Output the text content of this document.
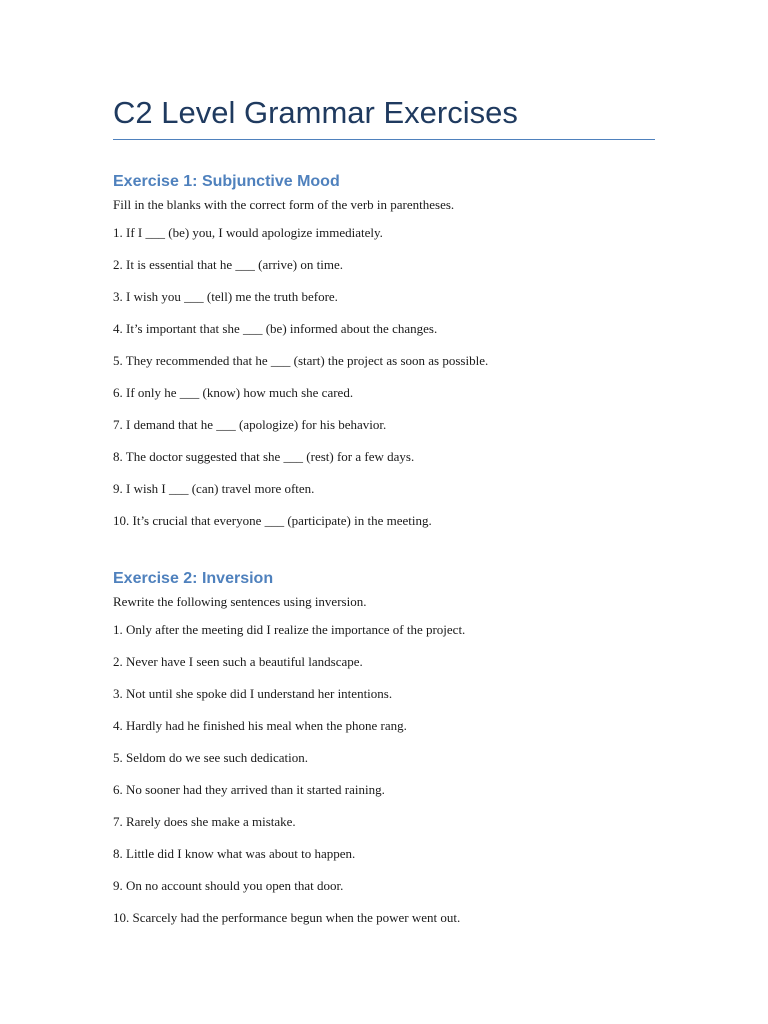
C2 Level Grammar Exercises
Exercise 1: Subjunctive Mood

Fill in the blanks with the correct form of the verb in parentheses.

1. If I ___ (be) you, I would apologize immediately.
2. It is essential that he ___ (arrive) on time.
3. I wish you ___ (tell) me the truth before.
4. It’s important that she ___ (be) informed about the changes.
5. They recommended that he ___ (start) the project as soon as possible.
6. If only he ___ (know) how much she cared.
7. I demand that he ___ (apologize) for his behavior.
8. The doctor suggested that she ___ (rest) for a few days.
9. I wish I ___ (can) travel more often.
10. It’s crucial that everyone ___ (participate) in the meeting.
Exercise 2: Inversion

Rewrite the following sentences using inversion.

1. Only after the meeting did I realize the importance of the project.
2. Never have I seen such a beautiful landscape.
3. Not until she spoke did I understand her intentions.
4. Hardly had he finished his meal when the phone rang.
5. Seldom do we see such dedication.
6. No sooner had they arrived than it started raining.
7. Rarely does she make a mistake.
8. Little did I know what was about to happen.
9. On no account should you open that door.
10. Scarcely had the performance begun when the power went out.
